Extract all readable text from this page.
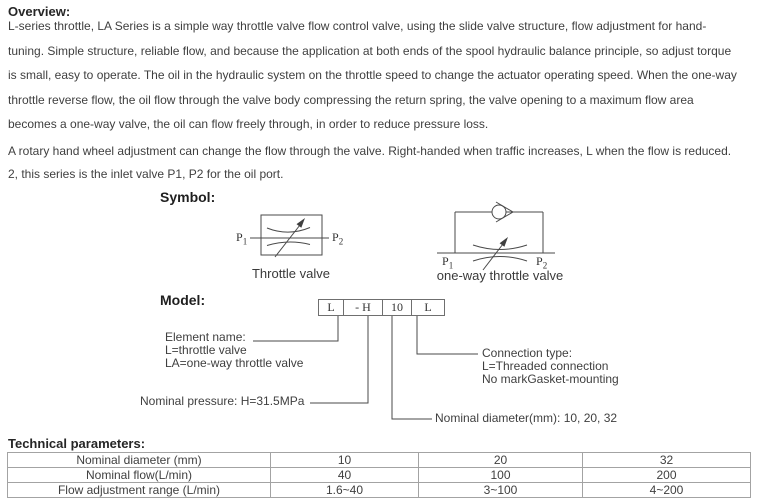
Overview:
L-series throttle, LA Series is a simple way throttle valve flow control valve, using the slide valve structure, flow adjustment for hand-
tuning. Simple structure, reliable flow, and because the application at both ends of the spool hydraulic balance principle, so adjust torque
is small, easy to operate. The oil in the hydraulic system on the throttle speed to change the actuator operating speed. When the one-way
throttle reverse flow, the oil flow through the valve body compressing the return spring, the valve opening to a maximum flow area
becomes a one-way valve, the oil can flow freely through, in order to reduce pressure loss.
A rotary hand wheel adjustment can change the flow through the valve. Right-handed when traffic increases, L when the flow is reduced.
2, this series is the inlet valve P1, P2 for the oil port.
Symbol:
$P_1$	$P_2$
Throttle valve
$P_1$	$P_2$
one-way throttle valve
Model:	L	- H	10	L
Element name:
L=throttle valve
LA=one-way throttle valve
Nominal pressure: H=31.5MPa
Nominal diameter(mm): 10, 20, 32
Connection type:
L=Threaded connection
No markGasket-mounting
Technical parameters:
Nominal diameter (mm)	10	20	32
Nominal flow(L/min)	40	100	200
Flow adjustment range (L/min)	1.6~40	3~100	4~200
